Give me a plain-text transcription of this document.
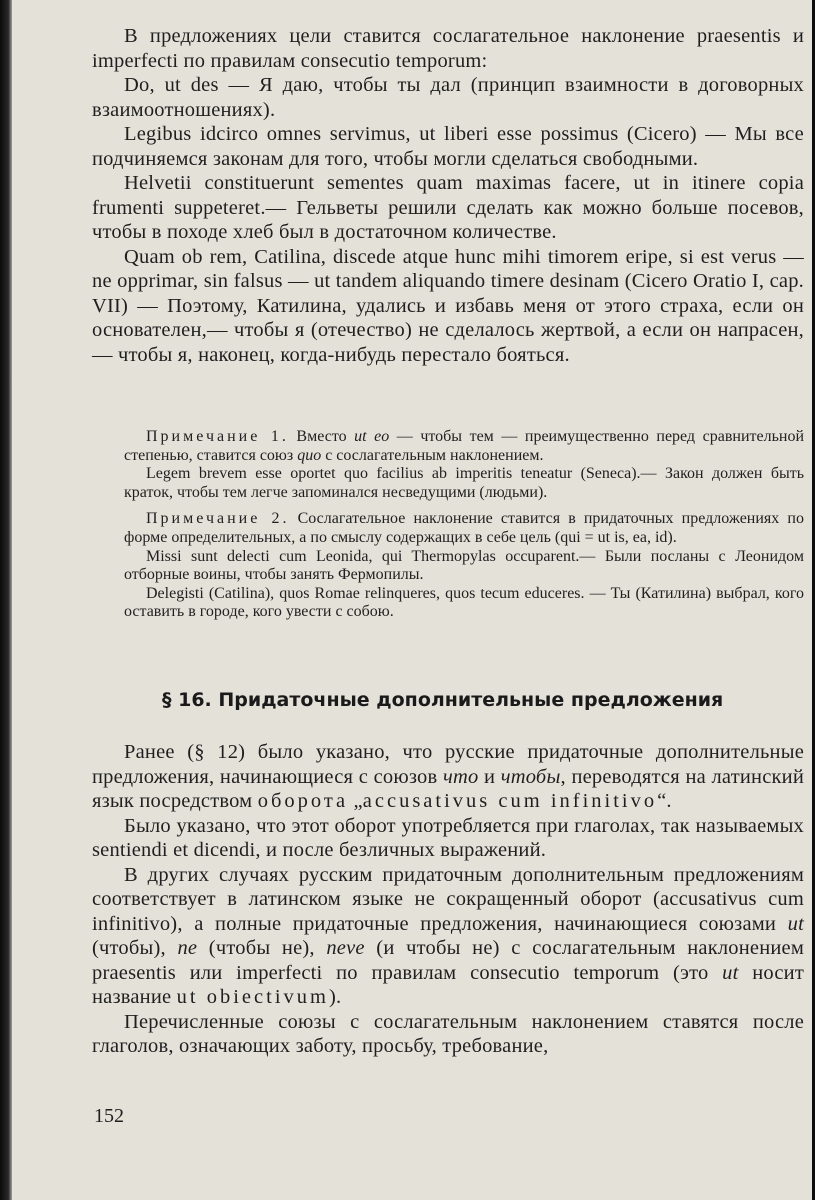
В предложениях цели ставится сослагательное наклонение praesentis и imperfecti по правилам consecutio temporum:

Do, ut des — Я даю, чтобы ты дал (принцип взаимности в договорных взаимоотношениях).

Legibus idcirco omnes servimus, ut liberi esse possimus (Cicero) — Мы все подчиняемся законам для того, чтобы могли сделаться свободными.

Helvetii constituerunt sementes quam maximas facere, ut in itinere copia frumenti suppeteret.— Гельветы решили сделать как можно больше посевов, чтобы в походе хлеб был в достаточном количестве.

Quam ob rem, Catilina, discede atque hunc mihi timorem eripe, si est verus — ne opprimar, sin falsus — ut tandem aliquando timere desinam (Cicero Oratio I, cap. VII) — Поэтому, Катилина, удались и избавь меня от этого страха, если он основателен,— чтобы я (отечество) не сделалось жертвой, а если он напрасен,— чтобы я, наконец, когда-нибудь перестало бояться.

Примечание 1. Вместо ut eo — чтобы тем — преимущественно перед сравнительной степенью, ставится союз quo с сослагательным наклонением.

Legem brevem esse oportet quo facilius ab imperitis teneatur (Seneca).— Закон должен быть краток, чтобы тем легче запоминался несведущими (людьми).

Примечание 2. Сослагательное наклонение ставится в придаточных предложениях по форме определительных, а по смыслу содержащих в себе цель (qui = ut is, ea, id).

Missi sunt delecti cum Leonida, qui Thermopylas occuparent.— Были посланы с Леонидом отборные воины, чтобы занять Фермопилы.

Delegisti (Catilina), quos Romae relinqueres, quos tecum educeres. — Ты (Катилина) выбрал, кого оставить в городе, кого увести с собою.

§ 16. Придаточные дополнительные предложения

Ранее (§ 12) было указано, что русские придаточные дополнительные предложения, начинающиеся с союзов что и чтобы, переводятся на латинский язык посредством оборота „accusativus cum infinitivo“.

Было указано, что этот оборот употребляется при глаголах, так называемых sentiendi et dicendi, и после безличных выражений.

В других случаях русским придаточным дополнительным предложениям соответствует в латинском языке не сокращенный оборот (accusativus cum infinitivo), а полные придаточные предложения, начинающиеся союзами ut (чтобы), ne (чтобы не), neve (и чтобы не) с сослагательным наклонением praesentis или imperfecti по правилам consecutio temporum (это ut носит название ut obiectivum).

Перечисленные союзы с сослагательным наклонением ставятся после глаголов, означающих заботу, просьбу, требование,

152
